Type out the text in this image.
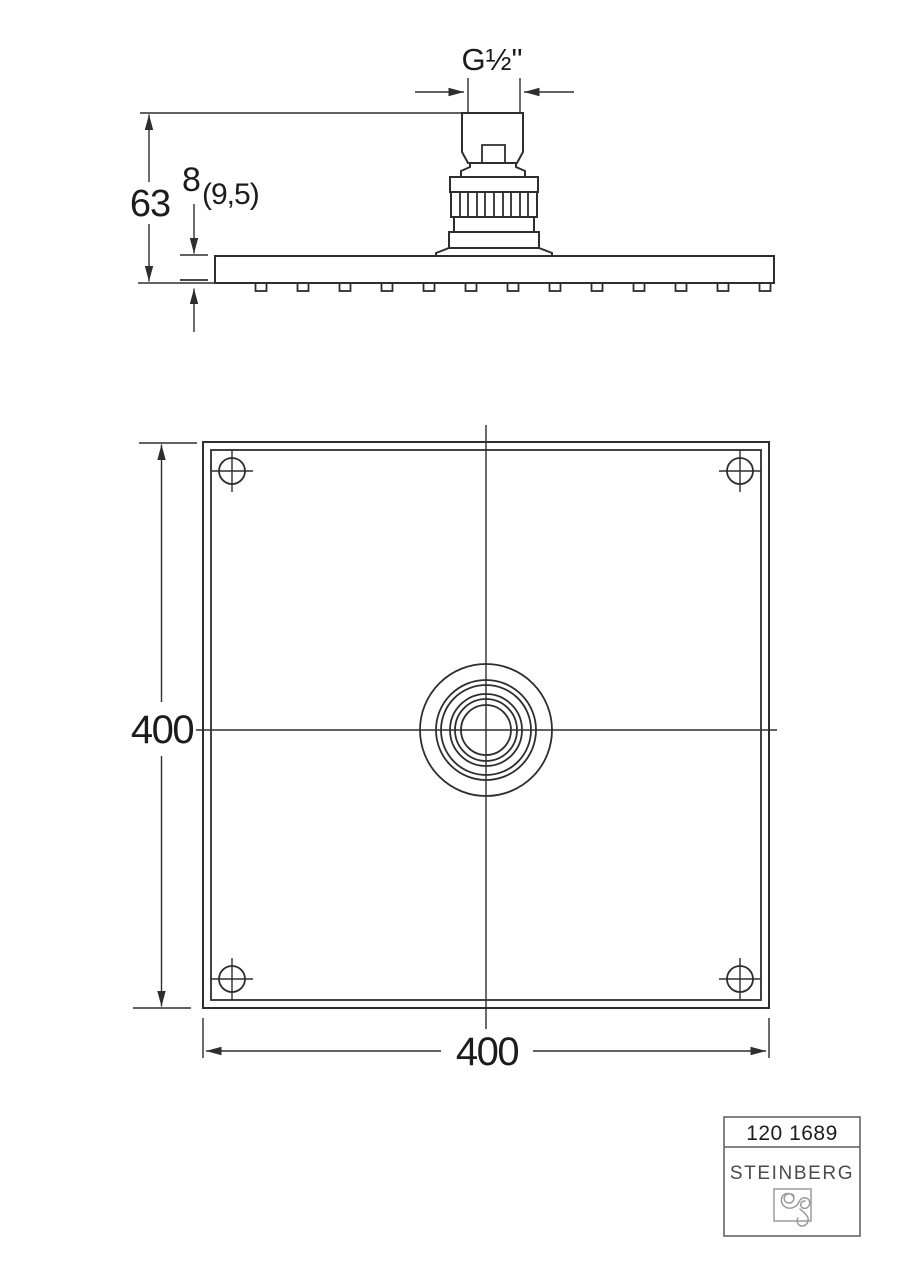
G½"
63
8 (9,5)
400
400
120 1689
STEINBERG
